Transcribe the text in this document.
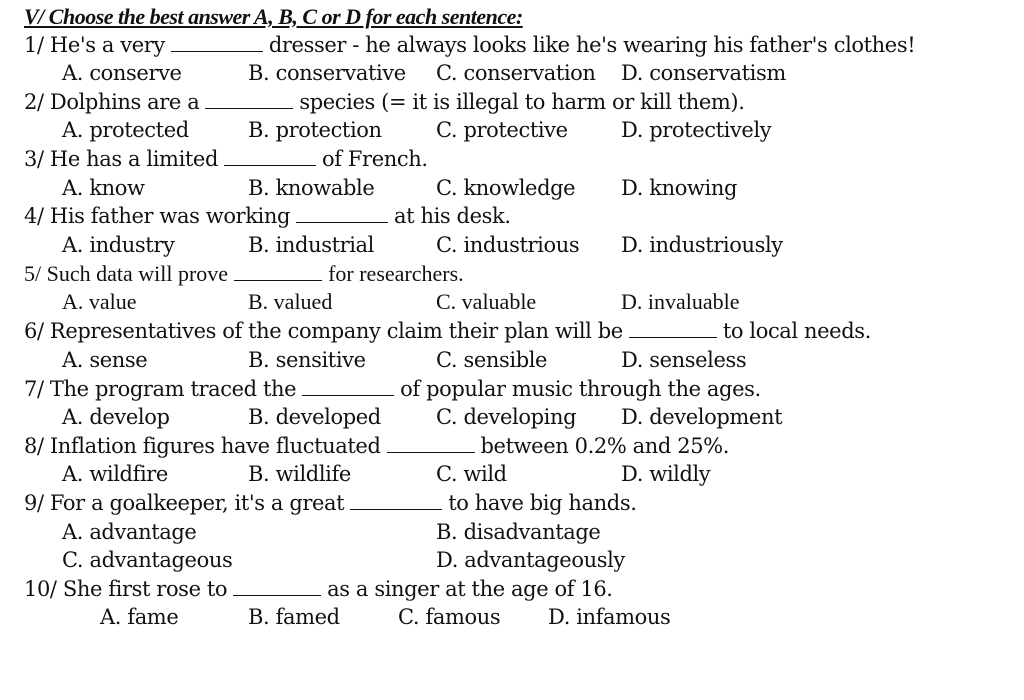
V/ Choose the best answer A, B, C or D for each sentence:
1/ He's a very	dresser - he always looks like he's wearing his father's clothes!
A. conserve	B. conservative C. conservation D. conservatism
2/ Dolphins are a	species (= it is illegal to harm or kill them).
A. protected	B. protection	C. protective	D. protectively
3/ He has a limited	of French.
A. know	B. knowable	C. knowledge D. knowing
4/ His father was working	at his desk.
A. industry	B. industrial	C. industrious D. industriously
5/ Such data will prove	for researchers.
A. value	B. valued	C. valuable	D. invaluable
6/ Representatives of the company claim their plan will be	to local needs.
A. sense	B. sensitive	C. sensible	D. senseless
7/ The program traced the	of popular music through the ages.
A. develop	B. developed	C. developing D. development
8/ Inflation figures have fluctuated	between 0.2% and 25%.
A. wildfire	B. wildlife	C. wild	D. wildly
9/ For a goalkeeper, it's a great	to have big hands.
A. advantage	B. disadvantage
C. advantageous	D. advantageously
10/ She first rose to	as a singer at the age of 16.
A. fame	B. famed	C. famous D. infamous
